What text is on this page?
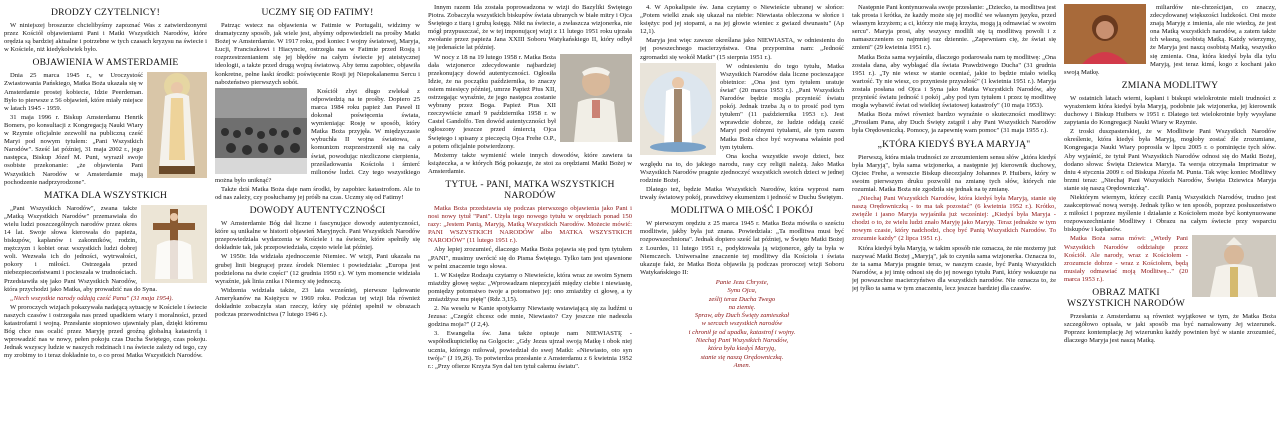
DRODZY CZYTELNICY!

W niniejszej broszurze chcielibyśmy zapoznać Was z zatwierdzonymi przez Kościół objawieniami Pani i Matki Wszystkich Narodów, które orędzia są bardziej aktualne i potrzebne w tych czasach kryzysu na świecie i w Kościele, niż kiedykolwiek było.

OBJAWIENIA W AMSTERDAMIE

Dnia 25 marca 1945 r., w Uroczystość Zwiastowania Pańskiego, Matka Boża ukazała się w Amsterdamie prostej kobiecie, Idzie Peerdeman. Było to pierwsze z 56 objawień, które miały miejsce w latach 1945 - 1959.

31 maja 1996 r. Biskup Amsterdamu Henrik Bomers, po konsultacji z Kongregacją Nauki Wiary w Rzymie oficjalnie zezwolił na publiczną cześć Maryi pod nowym tytułem: „Pani Wszystkich Narodów". Sześć lat później, 31 maja 2002 r., jego następca, Biskup Józef M. Punt, wyraził swoje osobiste przekonanie: „że objawienia Pani Wszystkich Narodów w Amsterdamie mają pochodzenie nadprzyrodzone".

MATKA DLA WSZYSTKICH

„Pani Wszystkich Narodów", zwana także „Matką Wszystkich Narodów" przemawiała do wielu ludzi poszczególnych narodów przez okres 14 lat. Swoje słowa kierowała do papieża, biskupów, kapłanów i zakonników, rodzin, mężczyzn i kobiet oraz wszystkich ludzi dobrej woli. Wezwała ich do jedności, wytrwałości, pokory i miłości. Ostrzegała przed niebezpieczeństwami i pocieszała w trudnościach. Przedstawiła się jako Pani Wszystkich Narodów, która przychodzi jako Matka, aby prowadzić nas do Syna.

„Niech wszystkie narody oddają cześć Panu" (31 maja 1954).

W proroczych wizjach pokazywała nadającą sytuację w Kościele i świecie naszych czasów i ostrzegała nas przed upadkiem wiary i moralności, przed katastrofami i wojną. Przesłanie stopniowo ujawniały plan, dzięki któremu Bóg chce nas ocalić przez Maryję przed groźną globalną katastrofą i wprowadzić nas w nowy, pełen pokoju czas Ducha Świętego, czas pokoju. Jednak wszyscy ludzie w naszych rodzinach i na świecie zależy od tego, czy my zrobimy to i teraz dokładnie to, o co prosi Matka Wszystkich Narodów.

UCZMY SIĘ OD FATIMY!

Patrząc wstecz na objawienia w Fatimie w Portugalii, widzimy w dramatyczny sposób, jak wiele jest, abyśmy odpowiedzieli na prośby Matki Bożej w Amsterdamie. W 1917 roku, pod koniec I wojny światowej, Maryja, Łucji, Franciszkowi i Hiacyncie, ostrzegła nas w Fatimie przed Rosją i rozprzestrzenianiem się jej błędów na całym świecie jej ateistycznej ideologii, a także przed drugą wojną światową. Aby temu zapobiec, objawiła konkretne, pełne łaski środki: poświęcenie Rosji jej Niepokalanemu Sercu i nabożeństwo pierwszych sobót.

Kościół zbyt długo zwlekał z odpowiedzią na te prośby. Dopiero 25 marca 1984 roku papież Jan Paweł II dokonał poświęcenia świata, wymieniając Rosję w sposób, który Matka Boża przyjęła. W międzyczasie wybuchła II wojna światowa, a komunizm rozprzestrzenił się na cały świat, powodując niezliczone cierpienia, prześladowania Kościoła i śmierć milionów ludzi. Czy tego wszystkiego można było uniknąć?

Także dziś Matka Boża daje nam środki, by zapobiec katastrofom. Ale to od nas zależy, czy posłuchamy jej próśb na czas. Uczmy się od Fatimy!

DOWODY AUTENTYCZNOŚCI

W Amsterdamie Bóg dał liczne i fascynujące dowody autentyczności, które są unikalne w historii objawień Maryjnych. Pani Wszystkich Narodów przepowiedziała wydarzenia w Kościele i na świecie, które spełniły się dokładnie tak, jak przepowiedziała, często wiele lat później.

W 1950r. Ida widziała zjednoczenie Niemiec. W wizji, Pani ukazała na grubej linii biegnącej przez środek Niemiec i powiedziała: „Europa jest podzielona na dwie części" (12 grudnia 1950 r.). W tym momencie widziała wyraźnie, jak linia znika i Niemcy się jednoczą.

Widzenia widziała także, 23 lata wcześniej, pierwsze lądowanie Amerykanów na Księżycu w 1969 roku. Podczas tej wizji Ida również dokładnie zobaczyła stan rzeczy, który się później spełnił w obrazach podczas przewodnictwa (7 lutego 1946 r.).

Innym razem Ida została poprowadzona w wizji do Bazyliki Świętego Piotra. Zobaczyła wszystkich biskupów świata ubranych w białe mitry i Ojca Świętego z tiarą i grubą księgą. Nikt na świecie, a zwłaszcza wizjonerka, nie mógł przypuszczać, że w tej imponującej wizji z 11 lutego 1951 roku ujrzała zwołanie przez papieża Jana XXIII Soboru Watykańskiego II, który odbył się jedenaście lat później.

W nocy z 18 na 19 lutego 1958 r. Matka Boża dała wizjonerce zdecydowanie najbardziej przekonujący dowód autentyczności. Ogłosiła Idzie, że na początku października, to znaczy osiem miesięcy później, umrze Papież Pius XII, ostrzegając wyraźnie, że jego następca zostanie wybrany przez Boga. Papież Pius XII rzeczywiście zmarł 9 października 1958 r. w Castel Gandolfo. Ten dowód autentyczności był ogłoszony jeszcze przed śmiercią Ojca Świętego i spisany z pieczęcią Ojca Frehe O.P., a potem oficjalnie potwierdzony.

Możemy także wymienić wiele innych dowodów, które zawiera ta książeczka, a w których Bóg pokazuje, że stoi za orędziami Matki Bożej w Amsterdamie.

TYTUŁ - PANI, MATKA WSZYSTKICH NARODÓW

Matka Boża przedstawia się podczas pierwszego objawienia jako Pani i nosi nowy tytuł "Pani". Użyła tego nowego tytułu w orędziach ponad 150 razy: „Jestem Panią, Maryją, Matką Wszystkich Narodów. Możecie mówić: PANI WSZYSTKICH NARODÓW albo MATKA WSZYSTKICH NARODÓW" (11 lutego 1951 r.).

Aby lepiej zrozumieć, dlaczego Matka Boża pojawia się pod tym tytułem „PANI", musimy uwrócić się do Pisma Świętego. Tylko tam jest ujawnione w pełni znaczenie tego słowa.

1. W Księdze Rodzaju czytamy o Niewieście, która wraz ze swoim Synem miażdży głowę węża: „Wprowadzam nieprzyjaźń między ciebie i niewiastę, pomiędzy potomstwo twoje a potomstwo jej: ono zmiażdży ci głowę, a ty zmiażdżysz mu piętę" (Rdz 3,15).

2. Na weselu w Kanie spotykamy Niewiastę wstawiającą się za ludźmi u Jezusa: „Czegóż chcesz ode mnie, Niewiasto? Czy jeszcze nie nadeszła godzina moja?" (J 2,4).

3. Ewangelia św. Jana także opisuje nam NIEWIASTĘ - współodkupicielkę na Golgocie: „Gdy Jezus ujrzał swoją Matkę i obok niej ucznia, którego miłował, powiedział do swej Matki: «Niewiasto, oto syn twój»" (J 19,26). To potwierdza przesłanie z Amsterdamu z 6 kwietnia 1952 r.: „Przy ofierze Krzyża Syn dał ten tytuł całemu światu".

4. W Apokalipsie św. Jana czytamy o Niewieście ubranej w słońce: „Potem wielki znak się ukazał na niebie: Niewiasta obleczona w słońce i księżyc pod jej stopami, a na jej głowie wieniec z gwiazd dwunastu" (Ap 12,1).

Maryja jest więc zawsze określana jako NIEWIASTA, w odniesieniu do jej powszechnego macierzyństwa. Ona przypomina nam: „Jedność zgromadzi się wokół Matki" (15 sierpnia 1951 r.).

W odniesieniu do tego tytułu, Matka Wszystkich Narodów dała liczne pocieszające obietnice: „Ona jest tym tytułem uratuje świat" (20 marca 1953 r.). „Pani Wszystkich Narodów będzie mogła przynieść światu pokój. Jednak trzeba Ją o to prosić pod tym tytułem" (11 października 1953 r.). Jest wprawdzie dobrze, że ludzie oddają cześć Maryi pod różnymi tytułami, ale tym razem Matka Boża chce być wzywana właśnie pod tym tytułem.

Ona kocha wszystkie swoje dzieci, bez względu na to, do jakiego narodu, rasy czy religii należą. Jako Matka Wszystkich Narodów pragnie zjednoczyć wszystkich swoich dzieci w jednej rodzinie Bożej.

Dlatego też, będzie Matka Wszystkich Narodów, która wyprosi nam trwały światowy pokój, prawdziwy ekumenizm i jedność w Duchu Świętym.

MODLITWA O MIŁOŚĆ I POKÓJ

W pierwszym orędziu z 25 marca 1945 r. Matka Boża mówiła o sześciu modlitwie, jakby była już znana. Powiedziała: „Ta modlitwa musi być rozpowszechniona". Jednak dopiero sześć lat później, w Święto Matki Bożej z Lourdes, 11 lutego 1951 r., podyktowała ją wizjonerce, gdy ta była w Niemczech. Uniwersalne znaczenie tej modlitwy dla Kościoła i świata ukazuje fakt, że Matka Boża objawiła ją podczas proroczej wizji Soboru Watykańskiego II:

Panie Jezu Chryste,
Synu Ojca,
ześlij teraz Ducha Twego
na ziemię.
Spraw, aby Duch Święty zamieszkał
w sercach wszystkich narodów
i chronił je od upadku, katastrof i wojny.
Niechaj Pani Wszystkich Narodów,
która była kiedyś Maryją,
stanie się naszą Orędowniczką.
Amen.

Następnie Pani kontynuowała swoje przesłanie: „Dziecko, ta modlitwa jest tak prosta i krótka, że każdy może się jej modlić we własnym języku, przed własnym krzyżem; a ci, którzy nie mają krzyża, mogą ją odmawiać w swoim sercu". Maryja prosi, aby wszyscy modlili się tą modlitwą powoli i z namaszczeniem co najmniej raz dziennie. „Zapewniam cię, że świat się zmieni" (29 kwietnia 1951 r.).

Matka Boża sama wyjaśniła, dlaczego podarowała nam tę modlitwę: „Ona została dana, aby wybłagać dla świata Prawdziwego Ducha" (31 grudnia 1951 r.). „Ty nie wiesz w stanie oceniać, jakie to będzie miało wielką wartość. Ty nie wiesz, co przyniesie przyszłość" (1 kwietnia 1951 r.). Maryja została posłana od Ojca i Syna jako Matka Wszystkich Narodów, aby przynieść światu jedność i pokój „aby pod tym tytułem i przez tę modlitwę mogła wybawić świat od wielkiej światowej katastrofy" (10 maja 1953).

Matka Boża mówi również bardzo wyraźnie o skuteczności modlitwy: „Prosiłam Pana, aby Duch Święty zstąpił i aby Pani Wszystkich Narodów była Orędowniczką. Pomocy, ja zapewnię wam pomoc" (31 maja 1955 r.).

„KTÓRA KIEDYŚ BYŁA MARYJĄ"

Pierwszą, która miała trudności ze zrozumieniem sensu słów „która kiedyś była Maryją", była sama wizjonerka, a następnie jej kierownik duchowy, Ojciec Frehe, a wreszcie Biskup diecezjalny Johannes P. Huibers, który w swoim pierwszym druku pozwolił na zmianę tych słów, których nie rozumiał. Matka Boża nie zgodziła się jednak na tę zmianę.

„Niechaj Pani Wszystkich Narodów, która kiedyś była Maryją, stanie się naszą Orędowniczką - to ma tak pozostać" (6 kwietnia 1952 r.). Krótko, zwięźle i jasno Maryja wyjaśniła już wcześniej: „Kiedyś była Maryja - chodzi o to, że wielu ludzi znało Maryję jako Maryję. Teraz jednakże w tym nowym czasie, który nadchodzi, chcę być Panią Wszystkich Narodów. To zrozumie każdy" (2 lipca 1951 r.).

Która kiedyś była Maryją, w takim sposób nie oznacza, że nie możemy już nazywać Matki Bożej „Maryją", jak to czyniła sama wizjonerka. Oznacza to, że ta sama Maryja pragnie teraz, w naszym czasie, być Panią Wszystkich Narodów, a jej imię odnosi się do jej nowego tytułu Pani, który wskazuje na jej powszechne macierzyństwo dla wszystkich narodów. Nie oznacza to, że jej tylko ta sama w tym znaczeniu, lecz jeszcze bardziej dla czasów.

miliardów nie-chrześcijan, co znaczy, zdecydowanej większości ludzkości. Oni może znają Maryję z imienia, ale nie wiedzą, że jest ona Matką wszystkich narodów, a zatem także ich własną, osobistą Matką. Każdy wierzymy, że Maryja jest naszą osobistą Matką, wszystko się zmienia. Ona, która kiedyś była dla tylu Maryją, jest teraz kimś, kogo z kochani jako swoją Matkę.

ZMIANA MODLITWY

W ostatnich latach wierni, kapłani i biskupi wielokrotnie mieli trudności z wyrażeniem która kiedyś była Maryją, podobnie jak wizjonerka, jej kierownik duchowy i Biskup Huibers w 1951 r. Dlatego też wielokrotnie były wysyłane zapytania do Kongregacji Nauki Wiary w Rzymie.

Z troski duszpasterskiej, że w Modlitwie Pani Wszystkich Narodów określenie, która kiedyś była Maryją, mogłoby zostać źle zrozumiane, Kongregacja Nauki Wiary poprosiła w lipcu 2005 r. o pominięcie tych słów. Aby wyjaśnić, że tytuł Pani Wszystkich Narodów odnosi się do Matki Bożej, dodano słowa: Święta Dziewica Maryja. Ta wersja otrzymała Imprimatur w dniu 4 stycznia 2009 r. od Biskupa Józefa M. Punta. Tak więc koniec Modlitwy brzmi teraz: „Niechaj Pani Wszystkich Narodów, Święta Dziewica Maryja stanie się naszą Orędowniczką".

Niektórym wiernym, którzy czcili Panią Wszystkich Narodów, trudno jest zaakceptować nową wersję. Jednak tylko w ten sposób, poprzez posłuszeństwo z miłości i poprzez myślenie i działanie z Kościołem może być kontynuowane rozpowszechnianie Modlitwy i Obrazu na całym świecie przy wsparciu biskupów i kapłanów.

Matka Boża sama mówi: „Wtedy Pani Wszystkich Narodów oddziałuje przez Kościół. Ale narody, wraz z Kościołem - zrozumcie dobrze - wraz z Kościołem, będą musiały odmawiać moją Modlitwę..." (20 marca 1953 r.).

OBRAZ MATKI WSZYSTKICH NARODÓW

Przesłania z Amsterdamu są również wyjątkowe w tym, że Matka Boża szczegółowo opisała, w jaki sposób ma być namalowany Jej wizerunek. Poprzez kontemplację Jej wizerunku każdy powinien być w stanie zrozumieć, dlaczego Maryja jest naszą Matką.
